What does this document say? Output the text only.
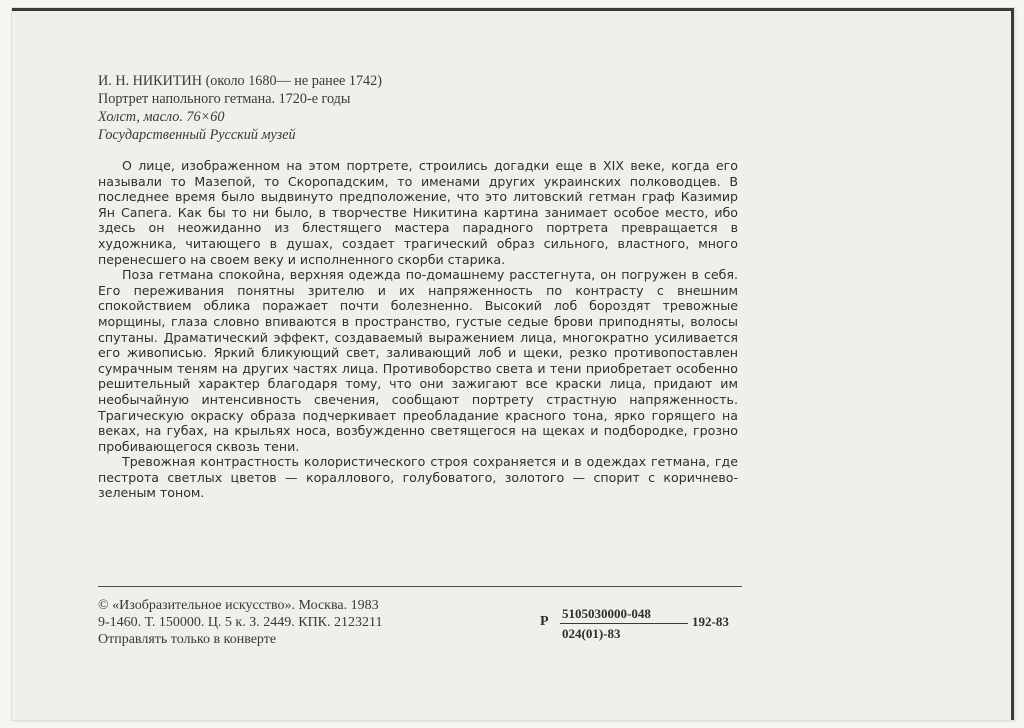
И. Н. НИКИТИН (около 1680— не ранее 1742)
Портрет напольного гетмана. 1720-е годы
Холст, масло. 76×60
Государственный Русский музей

О лице, изображенном на этом портрете, строились догадки еще в XIX веке, когда его называли то Мазепой, то Скоропадским, то именами других украинских полководцев. В последнее время было выдвинуто предположение, что это литовский гетман граф Казимир Ян Сапега. Как бы то ни было, в творчестве Никитина картина занимает особое место, ибо здесь он неожиданно из блестящего мастера парадного портрета превращается в художника, читающего в душах, создает трагический образ сильного, властного, много перенесшего на своем веку и исполненного скорби старика.

Поза гетмана спокойна, верхняя одежда по-домашнему расстегнута, он погружен в себя. Его переживания понятны зрителю и их напряженность по контрасту с внешним спокойствием облика поражает почти болезненно. Высокий лоб бороздят тревожные морщины, глаза словно впиваются в пространство, густые седые брови приподняты, волосы спутаны. Драматический эффект, создаваемый выражением лица, многократно усиливается его живописью. Яркий бликующий свет, заливающий лоб и щеки, резко противопоставлен сумрачным теням на других частях лица. Противоборство света и тени приобретает особенно решительный характер благодаря тому, что они зажигают все краски лица, придают им необычайную интенсивность свечения, сообщают портрету страстную напряженность. Трагическую окраску образа подчеркивает преобладание красного тона, ярко горящего на веках, на губах, на крыльях носа, возбужденно светящегося на щеках и подбородке, грозно пробивающегося сквозь тени.

Тревожная контрастность колористического строя сохраняется и в одеждах гетмана, где пестрота светлых цветов — кораллового, голубоватого, золотого — спорит с коричнево-зеленым тоном.

© «Изобразительное искусство». Москва. 1983
9-1460. Т. 150000. Ц. 5 к. З. 2449. КПК. 2123211
Отправлять только в конверте
Р
5105030000-048
024(01)-83
192-83
